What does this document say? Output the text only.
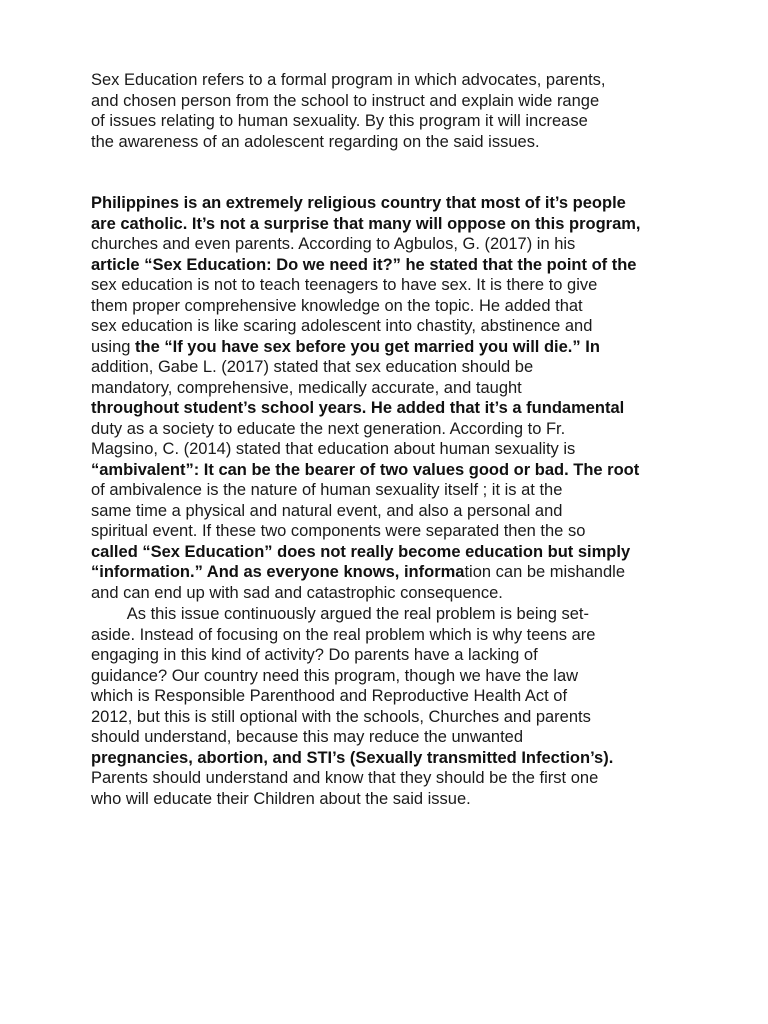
Sex Education refers to a formal program in which advocates, parents,
and chosen person from the school to instruct and explain wide range
of issues relating to human sexuality. By this program it will increase
the awareness of an adolescent regarding on the said issues.
Philippines is an extremely religious country that most of it’s people
are catholic. It’s not a surprise that many will oppose on this program,
churches and even parents. According to Agbulos, G. (2017) in his
article “Sex Education: Do we need it?” he stated that the point of the
sex education is not to teach teenagers to have sex. It is there to give
them proper comprehensive knowledge on the topic. He added that
sex education is like scaring adolescent into chastity, abstinence and
using the “If you have sex before you get married you will die.” In
addition, Gabe L. (2017) stated that sex education should be
mandatory, comprehensive, medically accurate, and taught
throughout student’s school years. He added that it’s a fundamental
duty as a society to educate the next generation. According to Fr.
Magsino, C. (2014) stated that education about human sexuality is
“ambivalent”: It can be the bearer of two values good or bad. The root
of ambivalence is the nature of human sexuality itself ; it is at the
same time a physical and natural event, and also a personal and
spiritual event. If these two components were separated then the so
called “Sex Education” does not really become education but simply
“information.” And as everyone knows, information can be mishandle
and can end up with sad and catastrophic consequence.
As this issue continuously argued the real problem is being set-
aside. Instead of focusing on the real problem which is why teens are
engaging in this kind of activity? Do parents have a lacking of
guidance? Our country need this program, though we have the law
which is Responsible Parenthood and Reproductive Health Act of
2012, but this is still optional with the schools, Churches and parents
should understand, because this may reduce the unwanted
pregnancies, abortion, and STI’s (Sexually transmitted Infection’s).
Parents should understand and know that they should be the first one
who will educate their Children about the said issue.
